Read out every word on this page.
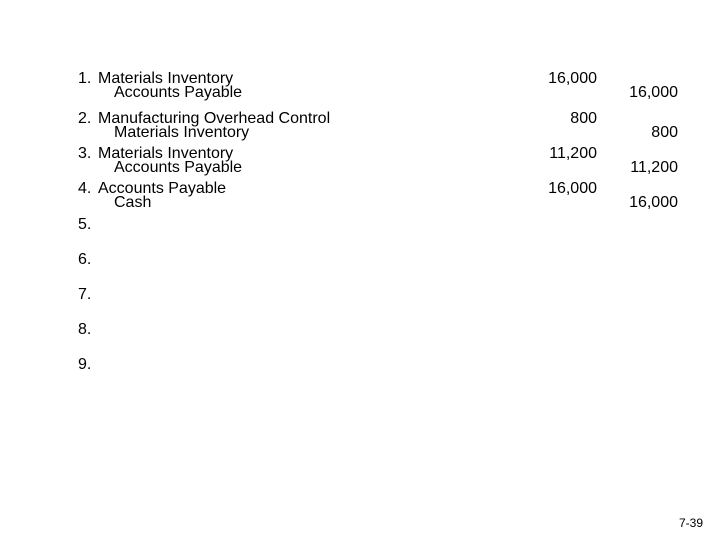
1. Materials Inventory
Accounts Payable
16,000
16,000
2. Manufacturing Overhead Control
Materials Inventory
800
800
3. Materials Inventory
Accounts Payable
11,200
11,200
4. Accounts Payable
Cash
16,000
16,000
5.
6.
7.
8.
9.
7-39
